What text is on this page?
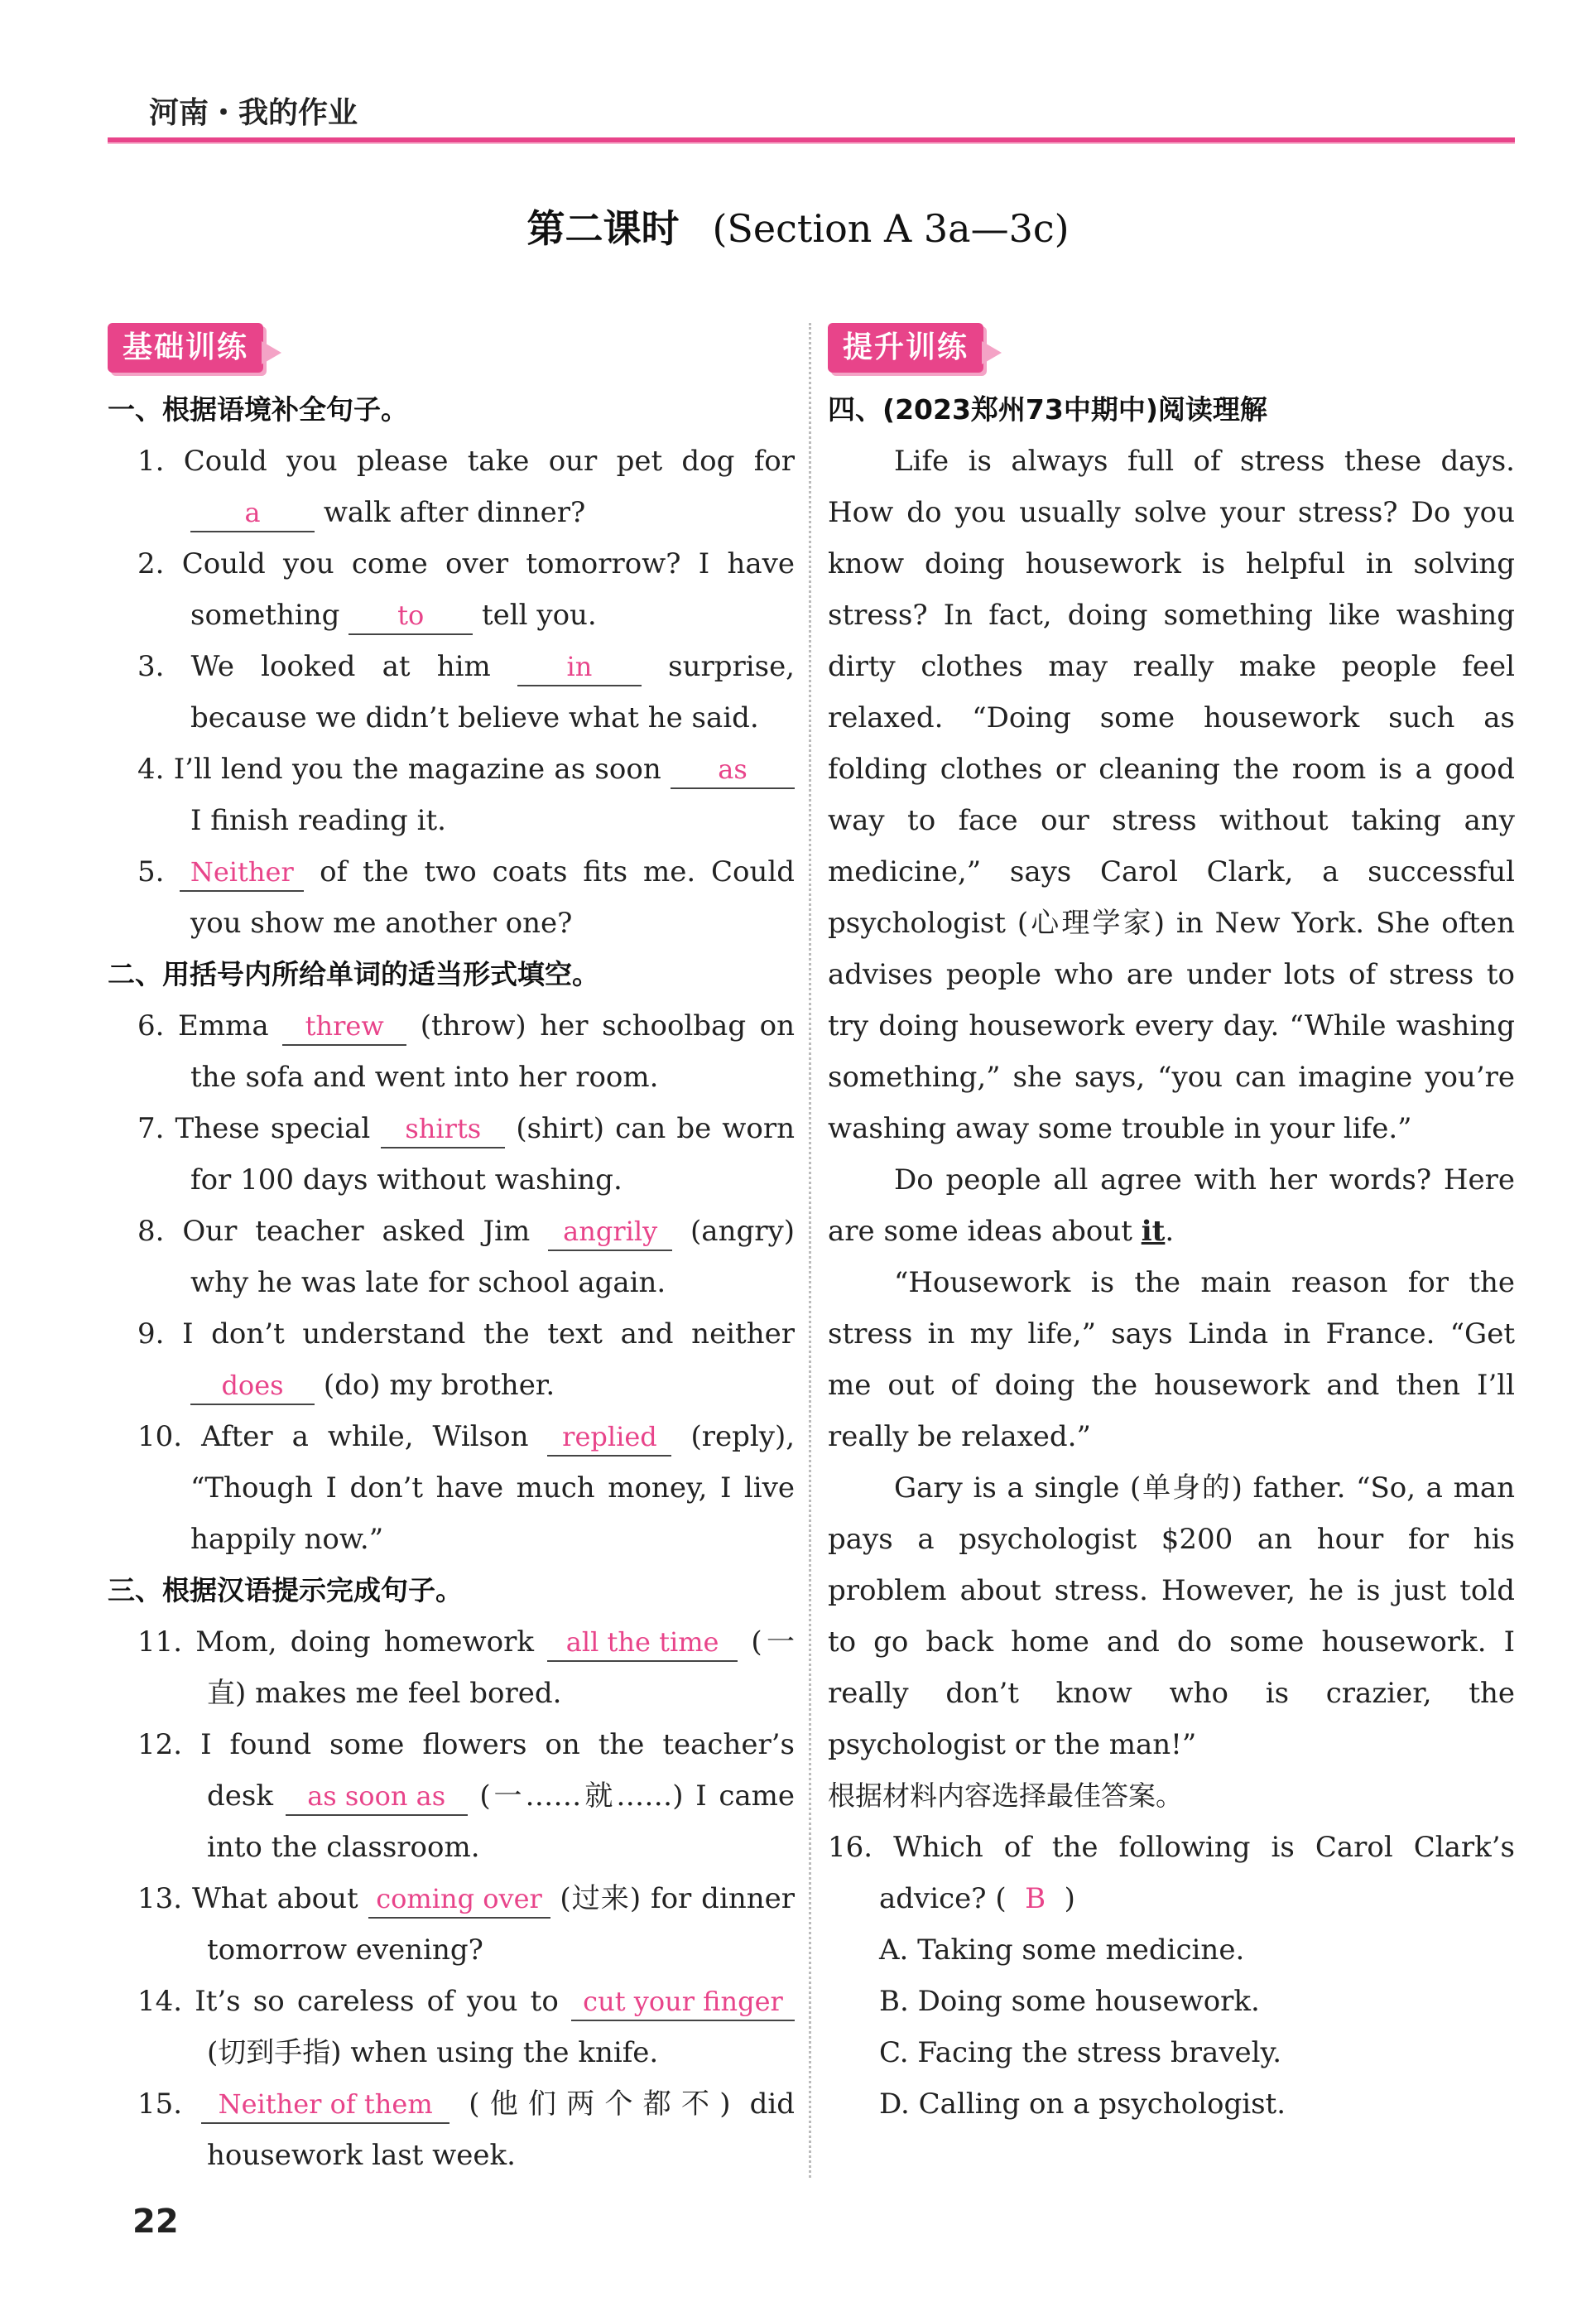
河南・我的作业
第二课时 (Section A 3a—3c)
基础训练
一、根据语境补全句子。
1. Could you please take our pet dog for a walk after dinner?
2. Could you come over tomorrow? I have something to tell you.
3. We looked at him	in	surprise, because we didn’t believe what he said.
4. I’ll lend you the magazine as soon as I finish reading it.
5. Neither of the two coats fits me. Could you show me another one?
二、用括号内所给单词的适当形式填空。
6. Emma threw (throw) her schoolbag on the sofa and went into her room.
7. These special shirts (shirt) can be worn for 100 days without washing.
8. Our teacher asked Jim angrily (angry) why he was late for school again.
9. I don’t understand the text and neither does (do) my brother.
10. After a while, Wilson replied (reply), “Though I don’t have much money, I live happily now.”
三、根据汉语提示完成句子。
11. Mom, doing homework all the time (一直) makes me feel bored.
12. I found some flowers on the teacher’s desk as soon as (一……就……) I came into the classroom.
13. What about coming over (过来) for dinner tomorrow evening?
14. It’s so careless of you to cut your finger (切到手指) when using the knife.
15. Neither of them (他们两个都不) did housework last week.
提升训练
四、(2023郑州73中期中)阅读理解
Life is always full of stress these days. How do you usually solve your stress? Do you know doing housework is helpful in solving stress? In fact, doing something like washing dirty clothes may really make people feel relaxed. “Doing some housework such as folding clothes or cleaning the room is a good way to face our stress without taking any medicine,” says Carol Clark, a successful psychologist (心理学家) in New York. She often advises people who are under lots of stress to try doing housework every day. “While washing something,” she says, “you can imagine you’re washing away some trouble in your life.”
Do people all agree with her words? Here are some ideas about it.
“Housework is the main reason for the stress in my life,” says Linda in France. “Get me out of doing the housework and then I’ll really be relaxed.”
Gary is a single (单身的) father. “So, a man pays a psychologist $200 an hour for his problem about stress. However, he is just told to go back home and do some housework. I really don’t know who is crazier, the psychologist or the man!”
根据材料内容选择最佳答案。
16. Which of the following is Carol Clark’s advice? ( B )
A. Taking some medicine.
B. Doing some housework.
C. Facing the stress bravely.
D. Calling on a psychologist.
22
